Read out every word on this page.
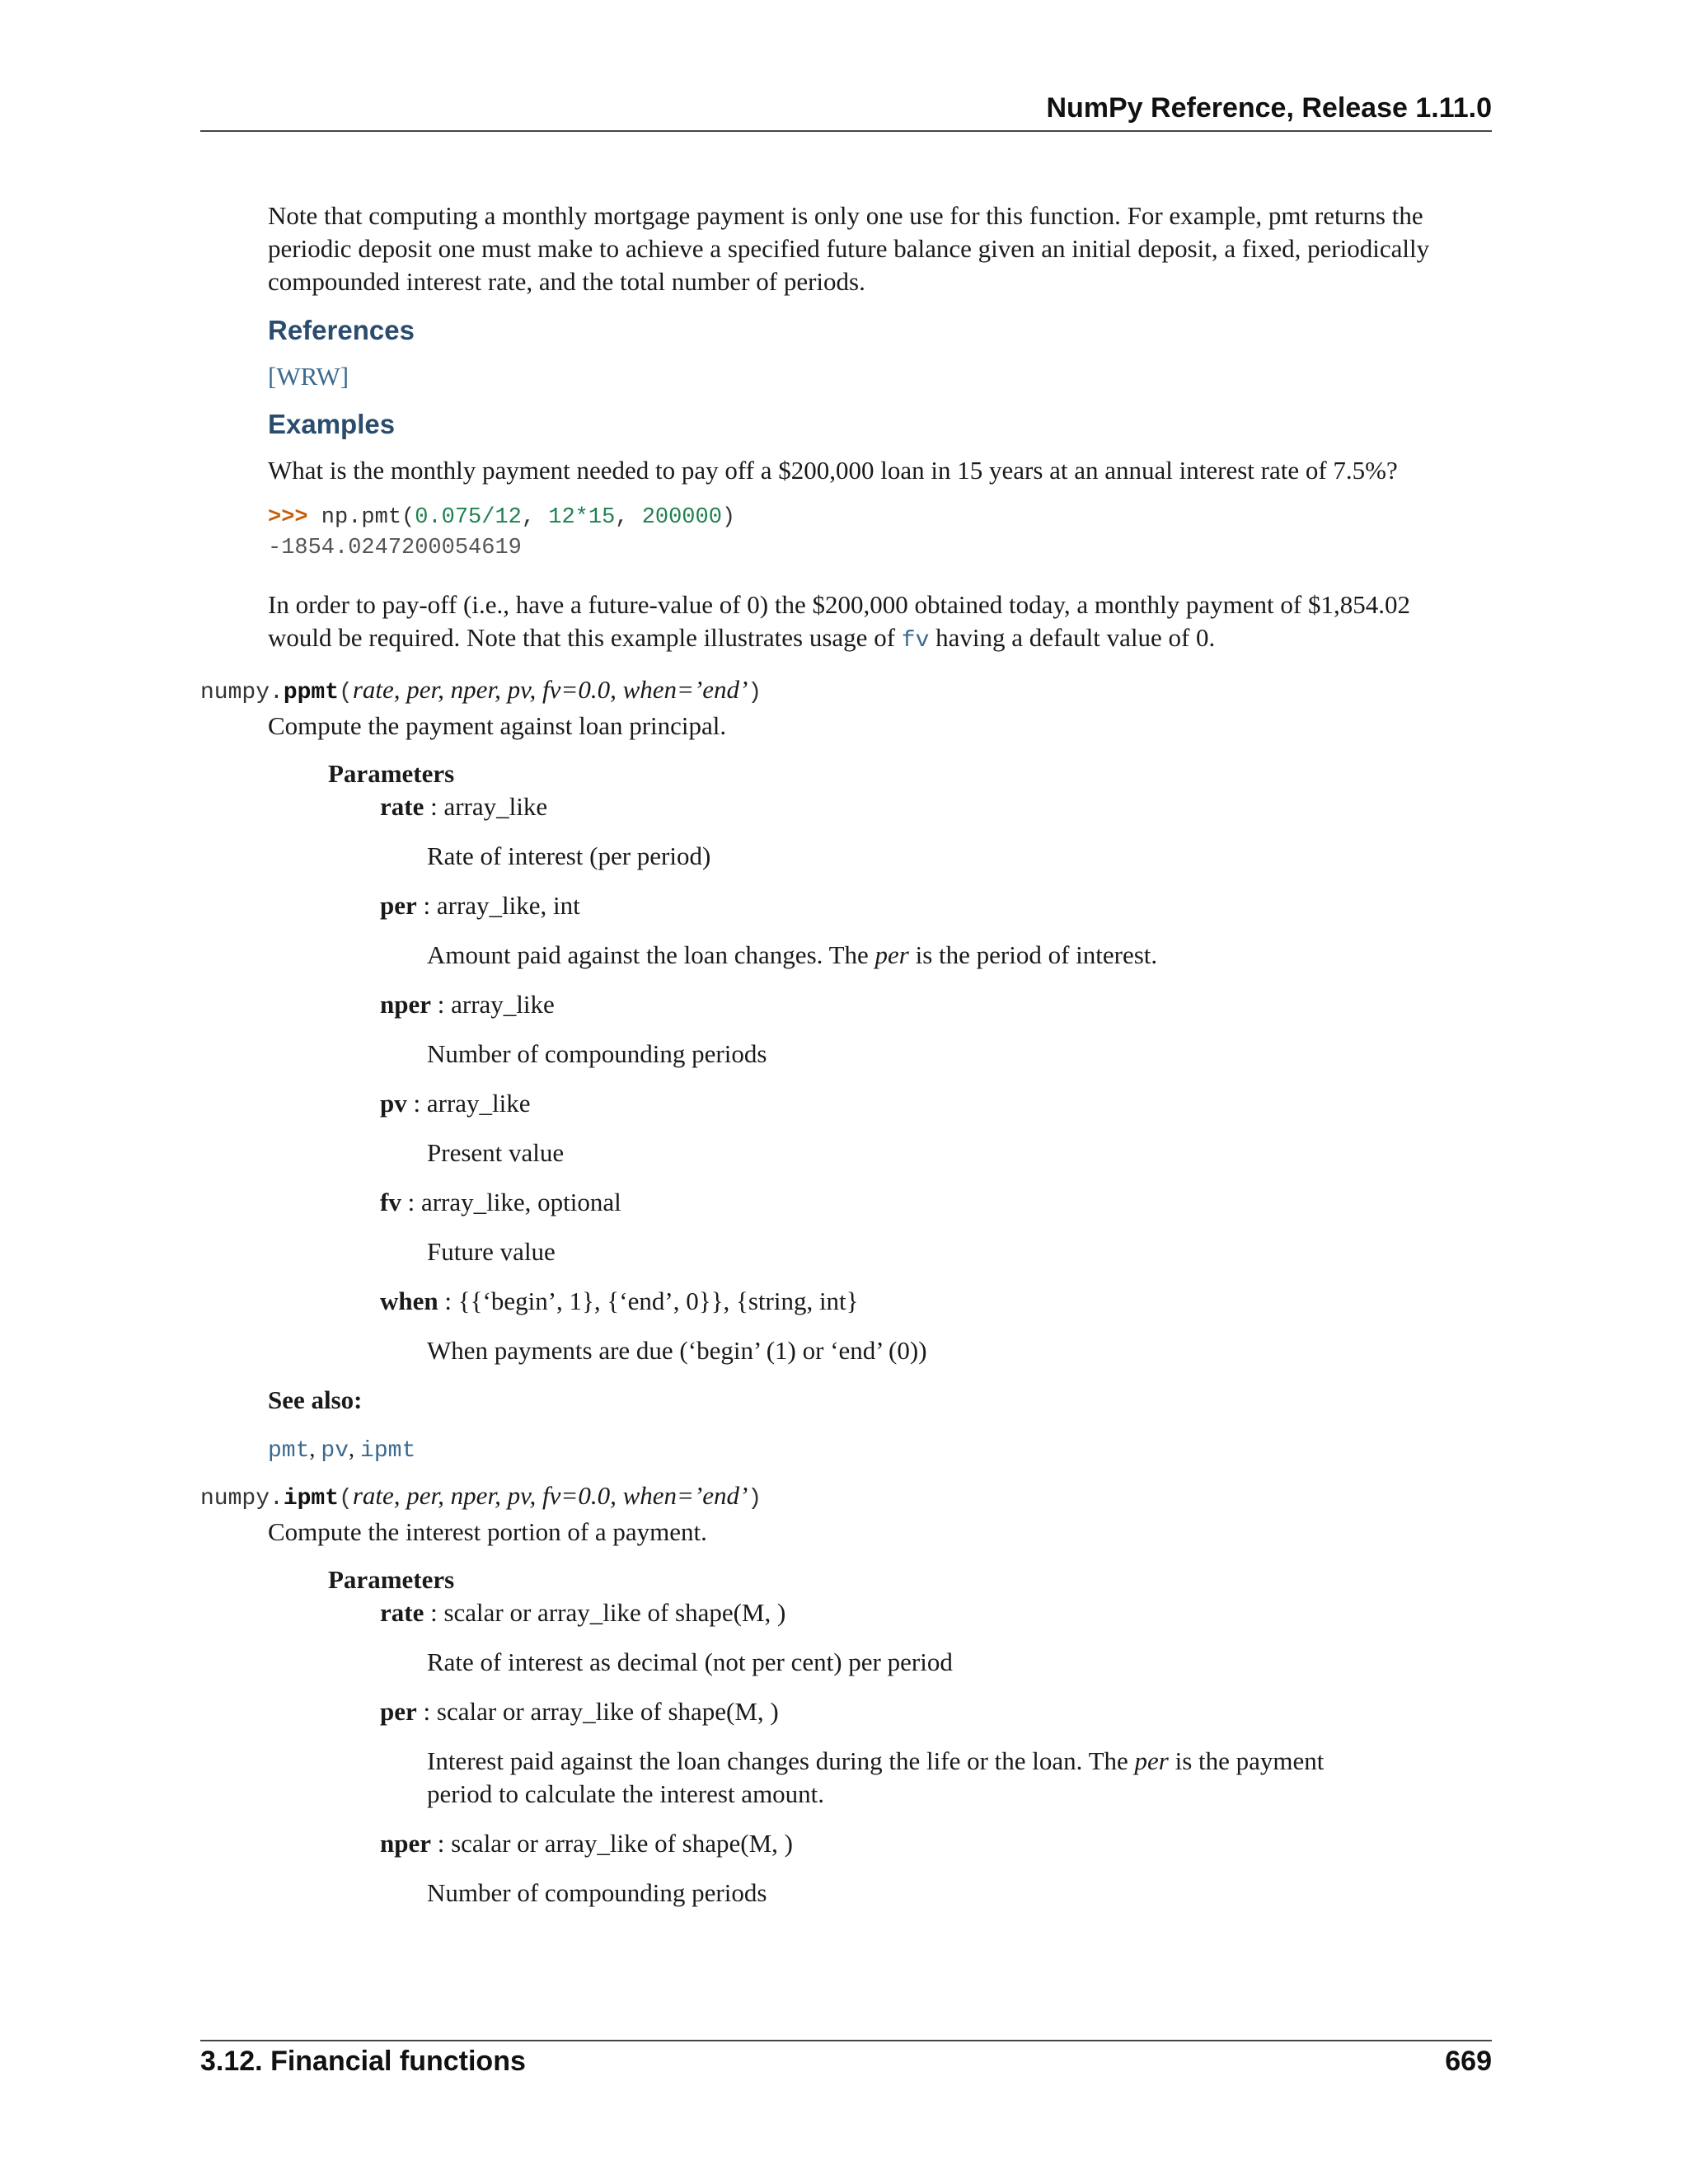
NumPy Reference, Release 1.11.0

Note that computing a monthly mortgage payment is only one use for this function. For example, pmt returns the
periodic deposit one must make to achieve a specified future balance given an initial deposit, a fixed, periodically
compounded interest rate, and the total number of periods.

References
[WRW]
Examples

What is the monthly payment needed to pay off a $200,000 loan in 15 years at an annual interest rate of 7.5%?

>>> np.pmt(0.075/12, 12*15, 200000)
-1854.0247200054619

In order to pay-off (i.e., have a future-value of 0) the $200,000 obtained today, a monthly payment of $1,854.02
would be required. Note that this example illustrates usage of fv having a default value of 0.

numpy.ppmt(rate, per, nper, pv, fv=0.0, when=’end’)
Compute the payment against loan principal.
Parameters
rate : array_like
Rate of interest (per period)
per : array_like, int
Amount paid against the loan changes. The per is the period of interest.
nper : array_like
Number of compounding periods
pv : array_like
Present value
fv : array_like, optional
Future value
when : {{‘begin’, 1}, {‘end’, 0}}, {string, int}
When payments are due (‘begin’ (1) or ‘end’ (0))
See also:
pmt, pv, ipmt
numpy.ipmt(rate, per, nper, pv, fv=0.0, when=’end’)
Compute the interest portion of a payment.
Parameters
rate : scalar or array_like of shape(M, )
Rate of interest as decimal (not per cent) per period
per : scalar or array_like of shape(M, )
Interest paid against the loan changes during the life or the loan. The per is the payment
period to calculate the interest amount.
nper : scalar or array_like of shape(M, )
Number of compounding periods
3.12. Financial functions	669
